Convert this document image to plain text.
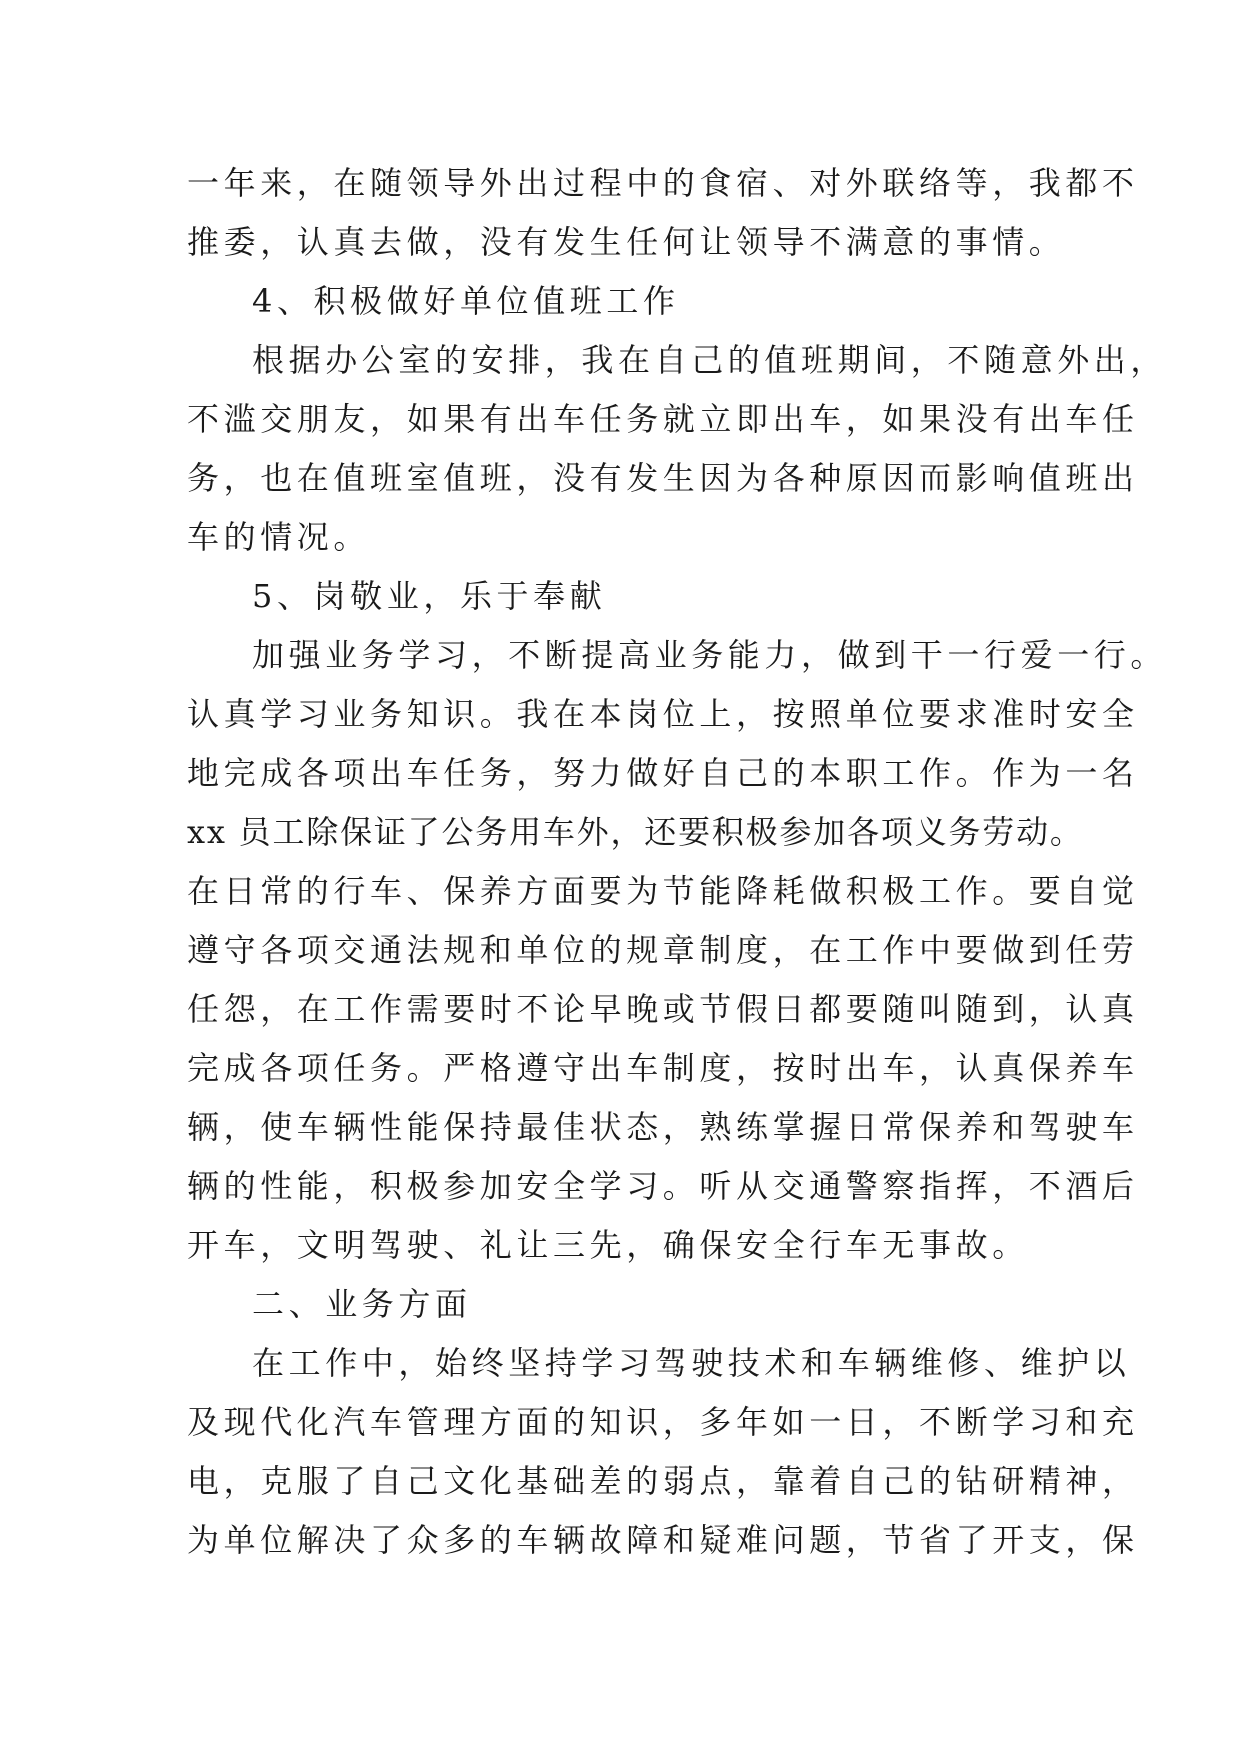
一年来，在随领导外出过程中的食宿、对外联络等，我都不
推委，认真去做，没有发生任何让领导不满意的事情。
4、积极做好单位值班工作
根据办公室的安排，我在自己的值班期间，不随意外出，
不滥交朋友，如果有出车任务就立即出车，如果没有出车任
务，也在值班室值班，没有发生因为各种原因而影响值班出
车的情况。
5、岗敬业，乐于奉献
加强业务学习，不断提高业务能力，做到干一行爱一行。
认真学习业务知识。我在本岗位上，按照单位要求准时安全
地完成各项出车任务，努力做好自己的本职工作。作为一名
xx 员工除保证了公务用车外，还要积极参加各项义务劳动。
在日常的行车、保养方面要为节能降耗做积极工作。要自觉
遵守各项交通法规和单位的规章制度，在工作中要做到任劳
任怨，在工作需要时不论早晚或节假日都要随叫随到，认真
完成各项任务。严格遵守出车制度，按时出车，认真保养车
辆，使车辆性能保持最佳状态，熟练掌握日常保养和驾驶车
辆的性能，积极参加安全学习。听从交通警察指挥，不酒后
开车，文明驾驶、礼让三先，确保安全行车无事故。
二、业务方面
在工作中，始终坚持学习驾驶技术和车辆维修、维护以
及现代化汽车管理方面的知识，多年如一日，不断学习和充
电，克服了自己文化基础差的弱点，靠着自己的钻研精神，
为单位解决了众多的车辆故障和疑难问题，节省了开支，保
